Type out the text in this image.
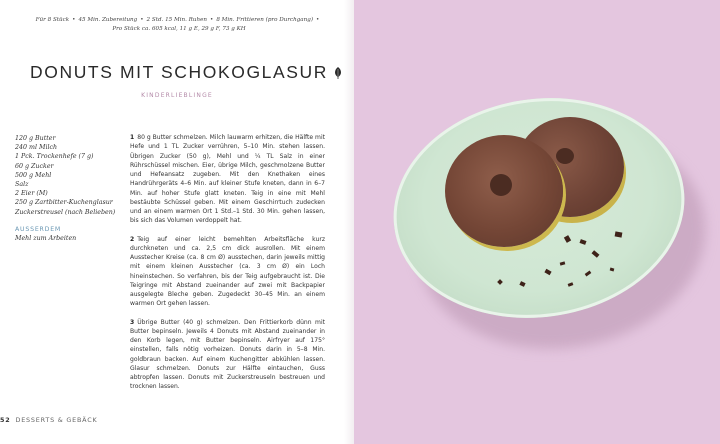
Für 8 Stück • 45 Min. Zubereitung • 2 Std. 15 Min. Ruhen • 8 Min. Frittieren (pro Durchgang) •
Pro Stück ca. 605 kcal, 11 g E, 29 g F, 73 g KH
DONUTS MIT SCHOKOGLASUR
KINDERLIEBLINGE
120 g Butter
240 ml Milch
1 Pck. Trockenhefe (7 g)
60 g Zucker
500 g Mehl
Salz
2 Eier (M)
250 g Zartbitter-Kuchenglasur
Zuckerstreusel (nach Belieben)
AUSSERDEM
Mehl zum Arbeiten
1 80 g Butter schmelzen. Milch lauwarm erhitzen, die Hälfte mit Hefe und 1 TL Zucker verrühren, 5–10 Min. stehen lassen. Übrigen Zucker (50 g), Mehl und ¼ TL Salz in einer Rührschüssel mischen. Eier, übrige Milch, geschmolzene Butter und Hefeansatz zugeben. Mit den Knethaken eines Handrührgeräts 4–6 Min. auf kleiner Stufe kneten, dann in 6–7 Min. auf hoher Stufe glatt kneten. Teig in eine mit Mehl bestäubte Schüssel geben. Mit einem Geschirrtuch zudecken und an einem warmen Ort 1 Std.–1 Std. 30 Min. gehen lassen, bis sich das Volumen verdoppelt hat.
2 Teig auf einer leicht bemehlten Arbeitsfläche kurz durchkneten und ca. 2,5 cm dick ausrollen. Mit einem Ausstecher Kreise (ca. 8 cm Ø) ausstechen, darin jeweils mittig mit einem kleinen Ausstecher (ca. 3 cm Ø) ein Loch hineinstechen. So verfahren, bis der Teig aufgebraucht ist. Die Teigringe mit Abstand zueinander auf zwei mit Backpapier ausgelegte Bleche geben. Zugedeckt 30–45 Min. an einem warmen Ort gehen lassen.
3 Übrige Butter (40 g) schmelzen. Den Frittierkorb dünn mit Butter bepinseln. Jeweils 4 Donuts mit Abstand zueinander in den Korb legen, mit Butter bepinseln. Airfryer auf 175° einstellen, falls nötig vorheizen. Donuts darin in 5–8 Min. goldbraun backen. Auf einem Kuchengitter abkühlen lassen. Glasur schmelzen. Donuts zur Hälfte eintauchen, Guss abtropfen lassen. Donuts mit Zuckerstreuseln bestreuen und trocknen lassen.
52 DESSERTS & GEBÄCK
